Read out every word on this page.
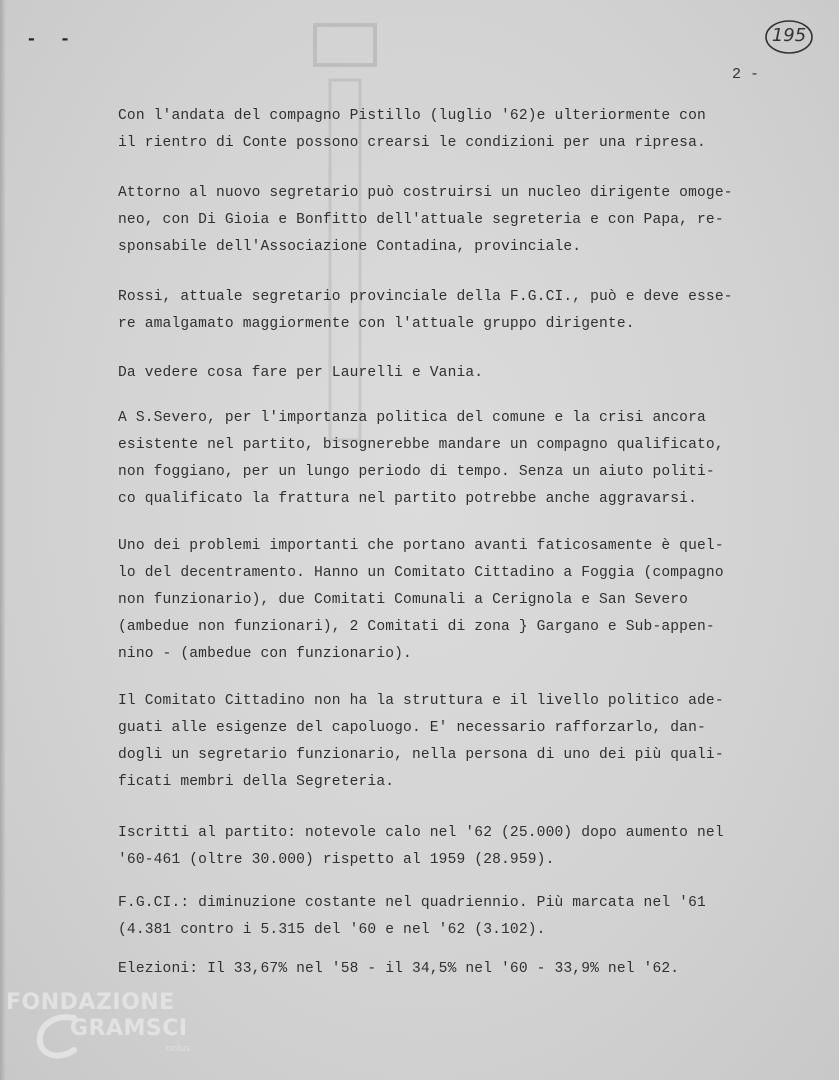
- -	195
2 -
Con l'andata del compagno Pistillo (luglio '62)e ulteriormente con
il rientro di Conte possono crearsi le condizioni per una ripresa.
Attorno al nuovo segretario può costruirsi un nucleo dirigente omoge-
neo, con Di Gioia e Bonfitto dell'attuale segreteria e con Papa, re-
sponsabile dell'Associazione Contadina, provinciale.
Rossi, attuale segretario provinciale della F.G.CI., può e deve esse-
re amalgamato maggiormente con l'attuale gruppo dirigente.
Da vedere cosa fare per Laurelli e Vania.
A S.Severo, per l'importanza politica del comune e la crisi ancora
esistente nel partito, bisognerebbe mandare un compagno qualificato,
non foggiano, per un lungo periodo di tempo. Senza un aiuto politi-
co qualificato la frattura nel partito potrebbe anche aggravarsi.
Uno dei problemi importanti che portano avanti faticosamente è quel-
lo del decentramento. Hanno un Comitato Cittadino a Foggia (compagno
non funzionario), due Comitati Comunali a Cerignola e San Severo
(ambedue non funzionari), 2 Comitati di zona } Gargano e Sub-appen-
nino - (ambedue con funzionario).
Il Comitato Cittadino non ha la struttura e il livello politico ade-
guati alle esigenze del capoluogo. E' necessario rafforzarlo, dan-
dogli un segretario funzionario, nella persona di uno dei più quali-
ficati membri della Segreteria.
Iscritti al partito: notevole calo nel '62 (25.000) dopo aumento nel
'60-461 (oltre 30.000) rispetto al 1959 (28.959).
F.G.CI.: diminuzione costante nel quadriennio. Più marcata nel '61
(4.381 contro i 5.315 del '60 e nel '62 (3.102).
Elezioni: Il 33,67% nel '58 - il 34,5% nel '60 - 33,9% nel '62.
FONDAZIONE
GRAMSCI
onlus
